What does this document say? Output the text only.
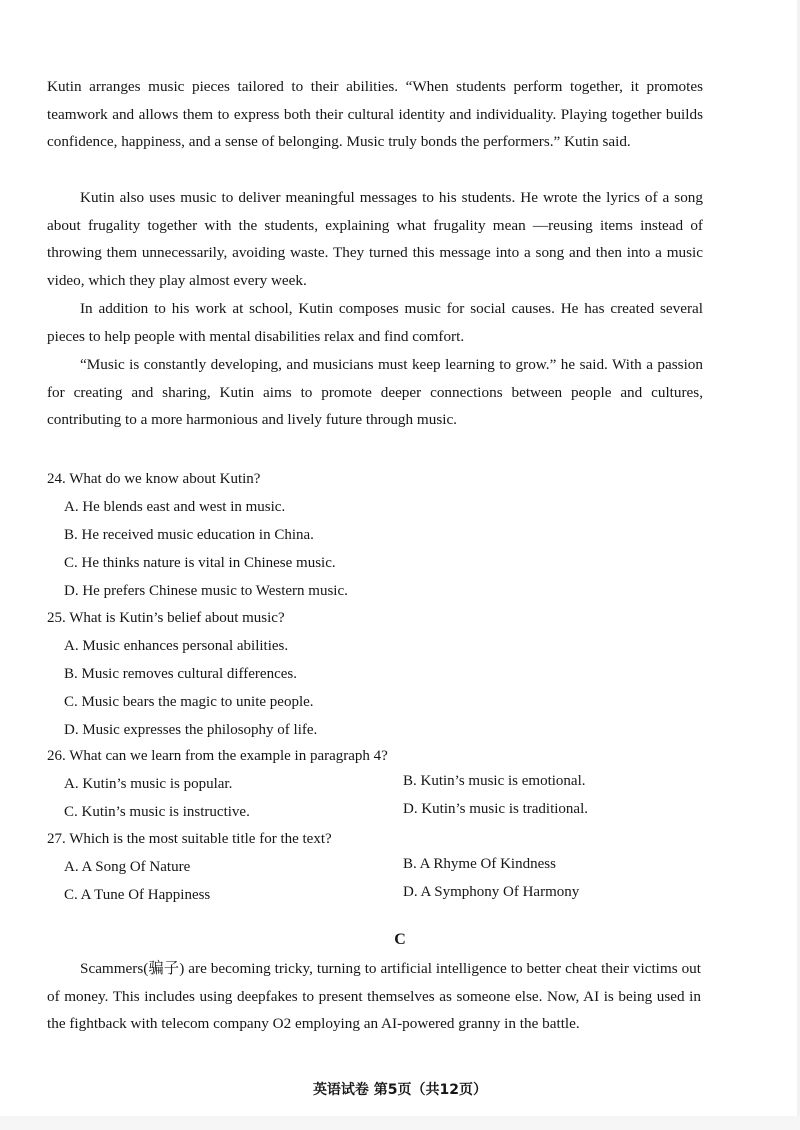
Kutin arranges music pieces tailored to their abilities. “When students perform together, it promotes teamwork and allows them to express both their cultural identity and individuality. Playing together builds confidence, happiness, and a sense of belonging. Music truly bonds the performers.” Kutin said.

Kutin also uses music to deliver meaningful messages to his students. He wrote the lyrics of a song about frugality together with the students, explaining what frugality mean —reusing items instead of throwing them unnecessarily, avoiding waste. They turned this message into a song and then into a music video, which they play almost every week.

In addition to his work at school, Kutin composes music for social causes. He has created several pieces to help people with mental disabilities relax and find comfort.

“Music is constantly developing, and musicians must keep learning to grow.” he said. With a passion for creating and sharing, Kutin aims to promote deeper connections between people and cultures, contributing to a more harmonious and lively future through music.

24. What do we know about Kutin?

A. He blends east and west in music.

B. He received music education in China.

C. He thinks nature is vital in Chinese music.

D. He prefers Chinese music to Western music.

25. What is Kutin’s belief about music?

A. Music enhances personal abilities.

B. Music removes cultural differences.

C. Music bears the magic to unite people.

D. Music expresses the philosophy of life.

26. What can we learn from the example in paragraph 4?

A. Kutin’s music is popular.	B. Kutin’s music is emotional.

C. Kutin’s music is instructive.	D. Kutin’s music is traditional.

27. Which is the most suitable title for the text?

A. A Song Of Nature	B. A Rhyme Of Kindness

C. A Tune Of Happiness	D. A Symphony Of Harmony

C

Scammers(骗子) are becoming tricky, turning to artificial intelligence to better cheat their victims out of money. This includes using deepfakes to present themselves as someone else. Now, AI is being used in the fightback with telecom company O2 employing an AI-powered granny in the battle.

英语试卷 第5页（共12页）
